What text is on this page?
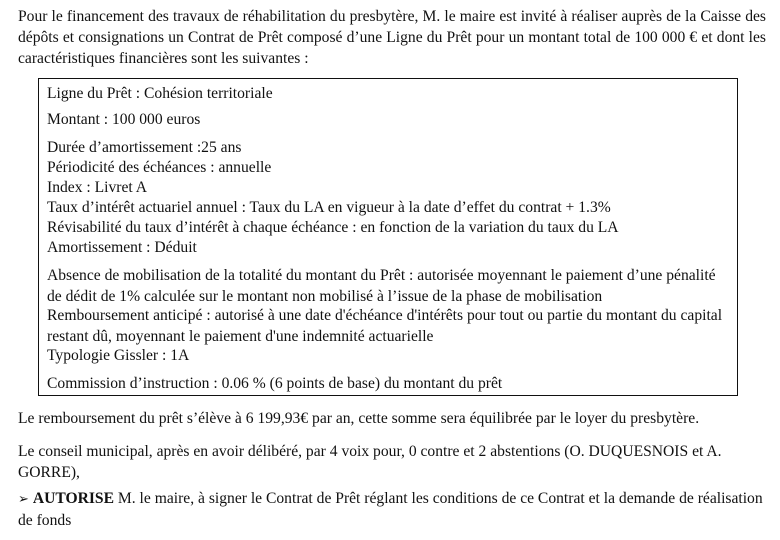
Pour le financement des travaux de réhabilitation du presbytère, M. le maire est invité à réaliser auprès de la Caisse des dépôts et consignations un Contrat de Prêt composé d’une Ligne du Prêt pour un montant total de 100 000 € et dont les caractéristiques financières sont les suivantes :

Ligne du Prêt : Cohésion territoriale
Montant : 100 000 euros
Durée d’amortissement :25 ans
Périodicité des échéances : annuelle
Index : Livret A
Taux d’intérêt actuariel annuel : Taux du LA en vigueur à la date d’effet du contrat + 1.3%
Révisabilité du taux d’intérêt à chaque échéance : en fonction de la variation du taux du LA
Amortissement : Déduit
Absence de mobilisation de la totalité du montant du Prêt : autorisée moyennant le paiement d’une pénalité de dédit de 1% calculée sur le montant non mobilisé à l’issue de la phase de mobilisation
Remboursement anticipé : autorisé à une date d'échéance d'intérêts pour tout ou partie du montant du capital restant dû, moyennant le paiement d'une indemnité actuarielle
Typologie Gissler : 1A
Commission d’instruction : 0.06 % (6 points de base) du montant du prêt

Le remboursement du prêt s’élève à 6 199,93€ par an, cette somme sera équilibrée par le loyer du presbytère.

Le conseil municipal, après en avoir délibéré, par 4 voix pour, 0 contre et 2 abstentions (O. DUQUESNOIS et A. GORRE),

➢ AUTORISE M. le maire, à signer le Contrat de Prêt réglant les conditions de ce Contrat et la demande de réalisation de fonds
